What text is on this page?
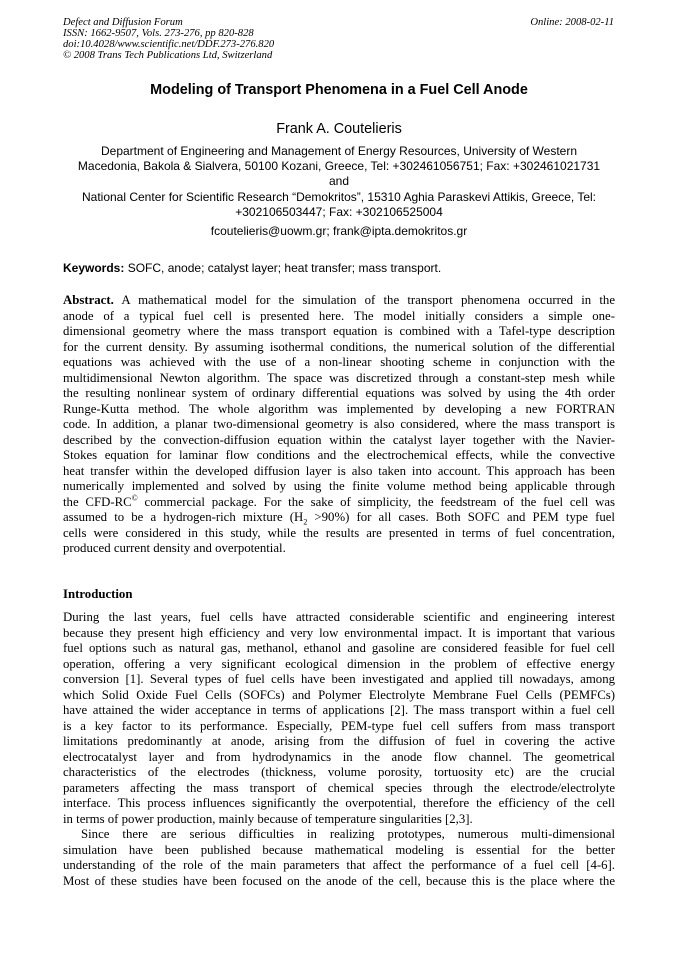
Defect and Diffusion Forum
ISSN: 1662-9507, Vols. 273-276, pp 820-828
doi:10.4028/www.scientific.net/DDF.273-276.820
© 2008 Trans Tech Publications Ltd, Switzerland
Online: 2008-02-11
Modeling of Transport Phenomena in a Fuel Cell Anode
Frank A. Coutelieris
Department of Engineering and Management of Energy Resources, University of Western
Macedonia, Bakola & Sialvera, 50100 Kozani, Greece, Tel: +302461056751; Fax: +302461021731
and
National Center for Scientific Research “Demokritos”, 15310 Aghia Paraskevi Attikis, Greece, Tel:
+302106503447; Fax: +302106525004
fcoutelieris@uowm.gr; frank@ipta.demokritos.gr
Keywords: SOFC, anode; catalyst layer; heat transfer; mass transport.
Abstract. A mathematical model for the simulation of the transport phenomena occurred in the
anode of a typical fuel cell is presented here. The model initially considers a simple one-
dimensional geometry where the mass transport equation is combined with a Tafel-type description
for the current density. By assuming isothermal conditions, the numerical solution of the differential
equations was achieved with the use of a non-linear shooting scheme in conjunction with the
multidimensional Newton algorithm. The space was discretized through a constant-step mesh while
the resulting nonlinear system of ordinary differential equations was solved by using the 4th order
Runge-Kutta method. The whole algorithm was implemented by developing a new FORTRAN
code. In addition, a planar two-dimensional geometry is also considered, where the mass transport is
described by the convection-diffusion equation within the catalyst layer together with the Navier-
Stokes equation for laminar flow conditions and the electrochemical effects, while the convective
heat transfer within the developed diffusion layer is also taken into account. This approach has been
numerically implemented and solved by using the finite volume method being applicable through
the CFD-RC© commercial package. For the sake of simplicity, the feedstream of the fuel cell was
assumed to be a hydrogen-rich mixture $(H_2 >90\%)$ for all cases. Both SOFC and PEM type fuel
cells were considered in this study, while the results are presented in terms of fuel concentration,
produced current density and overpotential.
Introduction
During the last years, fuel cells have attracted considerable scientific and engineering interest
because they present high efficiency and very low environmental impact. It is important that various
fuel options such as natural gas, methanol, ethanol and gasoline are considered feasible for fuel cell
operation, offering a very significant ecological dimension in the problem of effective energy
conversion [1]. Several types of fuel cells have been investigated and applied till nowadays, among
which Solid Oxide Fuel Cells (SOFCs) and Polymer Electrolyte Membrane Fuel Cells (PEMFCs)
have attained the wider acceptance in terms of applications [2]. The mass transport within a fuel cell
is a key factor to its performance. Especially, PEM-type fuel cell suffers from mass transport
limitations predominantly at anode, arising from the diffusion of fuel in covering the active
electrocatalyst layer and from hydrodynamics in the anode flow channel. The geometrical
characteristics of the electrodes (thickness, volume porosity, tortuosity etc) are the crucial
parameters affecting the mass transport of chemical species through the electrode/electrolyte
interface. This process influences significantly the overpotential, therefore the efficiency of the cell
in terms of power production, mainly because of temperature singularities [2,3].
Since there are serious difficulties in realizing prototypes, numerous multi-dimensional
simulation have been published because mathematical modeling is essential for the better
understanding of the role of the main parameters that affect the performance of a fuel cell [4-6].
Most of these studies have been focused on the anode of the cell, because this is the place where the
